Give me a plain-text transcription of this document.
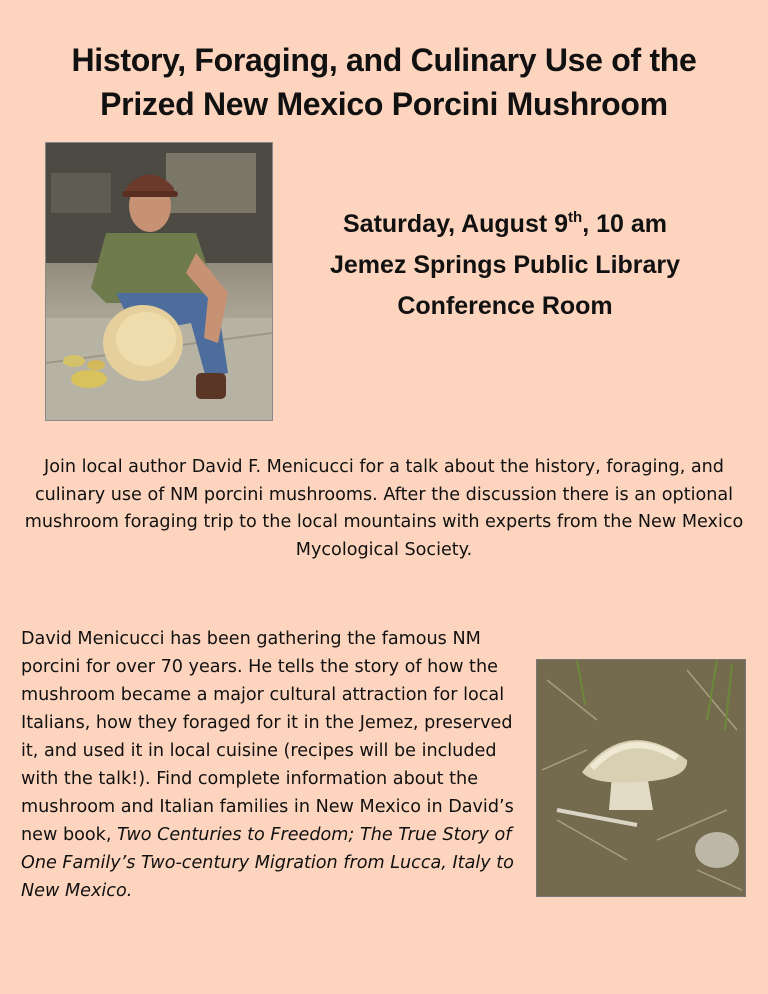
History, Foraging, and Culinary Use of the
Prized New Mexico Porcini Mushroom
Saturday, August 9th, 10 am
Jemez Springs Public Library
Conference Room
Join local author David F. Menicucci for a talk about the history, foraging, and culinary use of NM porcini mushrooms. After the discussion there is an optional mushroom foraging trip to the local mountains with experts from the New Mexico Mycological Society.
David Menicucci has been gathering the famous NM porcini for over 70 years. He tells the story of how the mushroom became a major cultural attraction for local Italians, how they foraged for it in the Jemez, preserved it, and used it in local cuisine (recipes will be included with the talk!). Find complete information about the mushroom and Italian families in New Mexico in David’s new book, Two Centuries to Freedom; The True Story of One Family’s Two-century Migration from Lucca, Italy to New Mexico.
